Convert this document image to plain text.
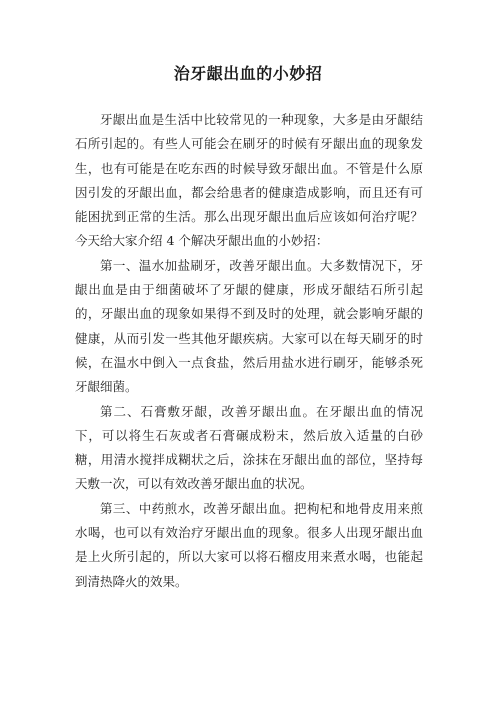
治牙龈出血的小妙招

牙龈出血是生活中比较常见的一种现象，大多是由牙龈结石所引起的。有些人可能会在刷牙的时候有牙龈出血的现象发生，也有可能是在吃东西的时候导致牙龈出血。不管是什么原因引发的牙龈出血，都会给患者的健康造成影响，而且还有可能困扰到正常的生活。那么出现牙龈出血后应该如何治疗呢？今天给大家介绍 4 个解决牙龈出血的小妙招：

第一、温水加盐刷牙，改善牙龈出血。大多数情况下，牙龈出血是由于细菌破坏了牙龈的健康，形成牙龈结石所引起的，牙龈出血的现象如果得不到及时的处理，就会影响牙龈的健康，从而引发一些其他牙龈疾病。大家可以在每天刷牙的时候，在温水中倒入一点食盐，然后用盐水进行刷牙，能够杀死牙龈细菌。

第二、石膏敷牙龈，改善牙龈出血。在牙龈出血的情况下，可以将生石灰或者石膏碾成粉末，然后放入适量的白砂糖，用清水搅拌成糊状之后，涂抹在牙龈出血的部位，坚持每天敷一次，可以有效改善牙龈出血的状况。

第三、中药煎水，改善牙龈出血。把枸杞和地骨皮用来煎水喝，也可以有效治疗牙龈出血的现象。很多人出现牙龈出血是上火所引起的，所以大家可以将石榴皮用来煮水喝，也能起到清热降火的效果。
